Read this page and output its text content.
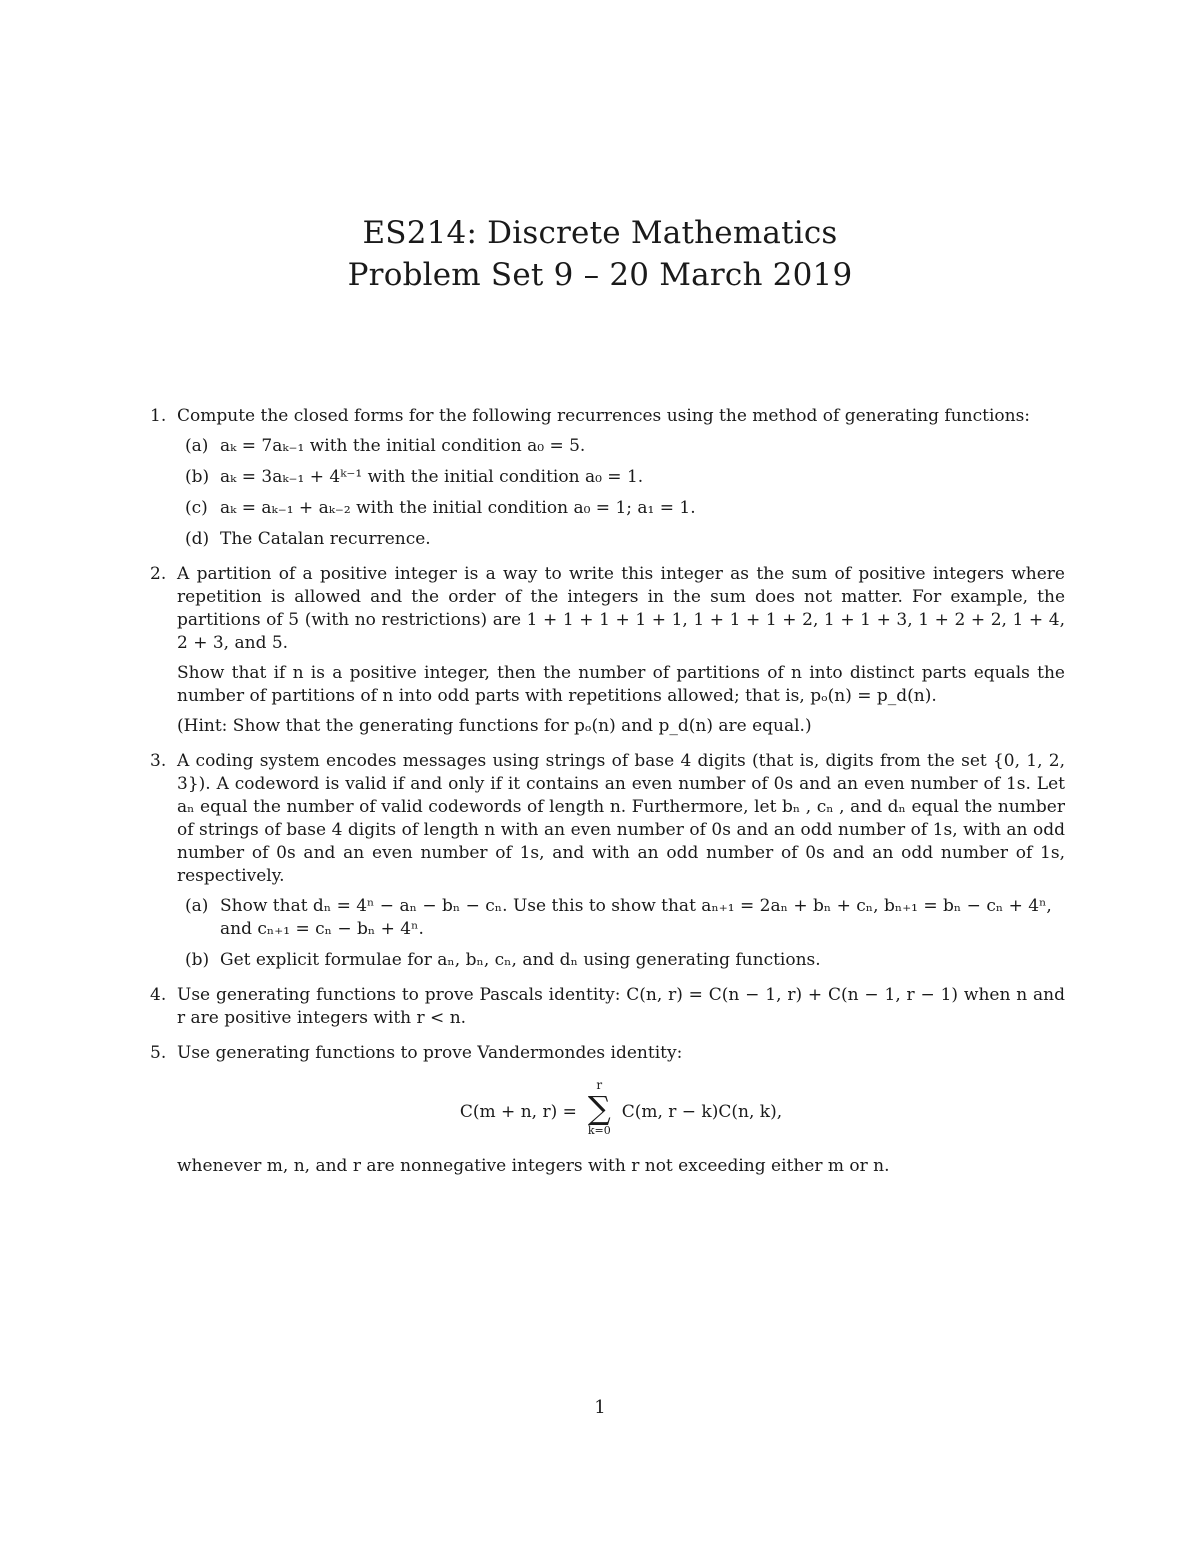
ES214: Discrete Mathematics
Problem Set 9 – 20 March 2019
1. Compute the closed forms for the following recurrences using the method of generating functions:

(a) aₖ = 7aₖ₋₁ with the initial condition a₀ = 5.
(b) aₖ = 3aₖ₋₁ + 4ᵏ⁻¹ with the initial condition a₀ = 1.
(c) aₖ = aₖ₋₁ + aₖ₋₂ with the initial condition a₀ = 1; a₁ = 1.
(d) The Catalan recurrence.
2. A partition of a positive integer is a way to write this integer as the sum of positive integers where repetition is allowed and the order of the integers in the sum does not matter. For example, the partitions of 5 (with no restrictions) are 1 + 1 + 1 + 1 + 1, 1 + 1 + 1 + 2, 1 + 1 + 3, 1 + 2 + 2, 1 + 4, 2 + 3, and 5.

Show that if n is a positive integer, then the number of partitions of n into distinct parts equals the number of partitions of n into odd parts with repetitions allowed; that is, pₒ(n) = p_d(n).

(Hint: Show that the generating functions for pₒ(n) and p_d(n) are equal.)

3. A coding system encodes messages using strings of base 4 digits (that is, digits from the set {0, 1, 2, 3}). A codeword is valid if and only if it contains an even number of 0s and an even number of 1s. Let aₙ equal the number of valid codewords of length n. Furthermore, let bₙ , cₙ , and dₙ equal the number of strings of base 4 digits of length n with an even number of 0s and an odd number of 1s, with an odd number of 0s and an even number of 1s, and with an odd number of 0s and an odd number of 1s, respectively.

(a) Show that dₙ = 4ⁿ − aₙ − bₙ − cₙ. Use this to show that aₙ₊₁ = 2aₙ + bₙ + cₙ, bₙ₊₁ = bₙ − cₙ + 4ⁿ, and cₙ₊₁ = cₙ − bₙ + 4ⁿ.
(b) Get explicit formulae for aₙ, bₙ, cₙ, and dₙ using generating functions.
4. Use generating functions to prove Pascals identity: C(n, r) = C(n − 1, r) + C(n − 1, r − 1) when n and r are positive integers with r < n.

5. Use generating functions to prove Vandermondes identity:

C(m + n, r) =
r
∑
k=0
C(m, r − k)C(n, k),

whenever m, n, and r are nonnegative integers with r not exceeding either m or n.

1
